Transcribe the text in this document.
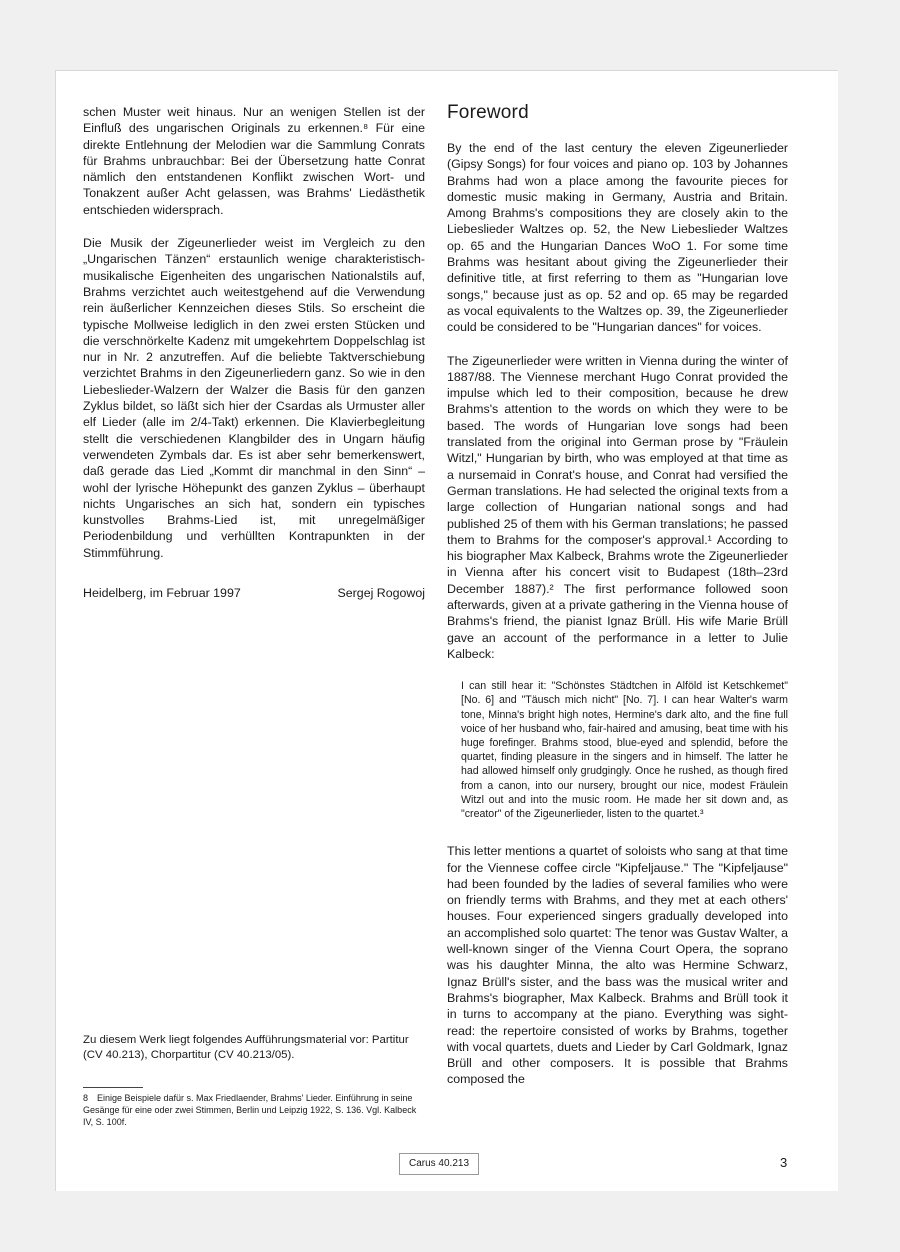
schen Muster weit hinaus. Nur an wenigen Stellen ist der Einfluß des ungarischen Originals zu erkennen.⁸ Für eine direkte Entlehnung der Melodien war die Sammlung Conrats für Brahms unbrauchbar: Bei der Übersetzung hatte Conrat nämlich den entstandenen Konflikt zwischen Wort- und Tonakzent außer Acht gelassen, was Brahms' Liedästhetik entschieden widersprach.

Die Musik der Zigeunerlieder weist im Vergleich zu den „Ungarischen Tänzen“ erstaunlich wenige charakteristisch-musikalische Eigenheiten des ungarischen Nationalstils auf, Brahms verzichtet auch weitestgehend auf die Verwendung rein äußerlicher Kennzeichen dieses Stils. So erscheint die typische Mollweise lediglich in den zwei ersten Stücken und die verschnörkelte Kadenz mit umgekehrtem Doppelschlag ist nur in Nr. 2 anzutreffen. Auf die beliebte Taktverschiebung verzichtet Brahms in den Zigeunerliedern ganz. So wie in den Liebeslieder-Walzern der Walzer die Basis für den ganzen Zyklus bildet, so läßt sich hier der Csardas als Urmuster aller elf Lieder (alle im 2/4-Takt) erkennen. Die Klavierbegleitung stellt die verschiedenen Klangbilder des in Ungarn häufig verwendeten Zymbals dar. Es ist aber sehr bemerkenswert, daß gerade das Lied „Kommt dir manchmal in den Sinn“ – wohl der lyrische Höhepunkt des ganzen Zyklus – überhaupt nichts Ungarisches an sich hat, sondern ein typisches kunstvolles Brahms-Lied ist, mit unregelmäßiger Periodenbildung und verhüllten Kontrapunkten in der Stimmführung.

Heidelberg, im Februar 1997	Sergej Rogowoj
Zu diesem Werk liegt folgendes Aufführungsmaterial vor: Partitur (CV 40.213), Chorpartitur (CV 40.213/05).
8 Einige Beispiele dafür s. Max Friedlaender, Brahms' Lieder. Einführung in seine Gesänge für eine oder zwei Stimmen, Berlin und Leipzig 1922, S. 136. Vgl. Kalbeck IV, S. 100f.
Foreword

By the end of the last century the eleven Zigeunerlieder (Gipsy Songs) for four voices and piano op. 103 by Johannes Brahms had won a place among the favourite pieces for domestic music making in Germany, Austria and Britain. Among Brahms's compositions they are closely akin to the Liebeslieder Waltzes op. 52, the New Liebeslieder Waltzes op. 65 and the Hungarian Dances WoO 1. For some time Brahms was hesitant about giving the Zigeunerlieder their definitive title, at first referring to them as "Hungarian love songs," because just as op. 52 and op. 65 may be regarded as vocal equivalents to the Waltzes op. 39, the Zigeunerlieder could be considered to be "Hungarian dances" for voices.

The Zigeunerlieder were written in Vienna during the winter of 1887/88. The Viennese merchant Hugo Conrat provided the impulse which led to their composition, because he drew Brahms's attention to the words on which they were to be based. The words of Hungarian love songs had been translated from the original into German prose by "Fräulein Witzl," Hungarian by birth, who was employed at that time as a nursemaid in Conrat's house, and Conrat had versified the German translations. He had selected the original texts from a large collection of Hungarian national songs and had published 25 of them with his German translations; he passed them to Brahms for the composer's approval.¹ According to his biographer Max Kalbeck, Brahms wrote the Zigeunerlieder in Vienna after his concert visit to Budapest (18th–23rd December 1887).² The first performance followed soon afterwards, given at a private gathering in the Vienna house of Brahms's friend, the pianist Ignaz Brüll. His wife Marie Brüll gave an account of the performance in a letter to Julie Kalbeck:

I can still hear it: "Schönstes Städtchen in Alföld ist Ketschkemet" [No. 6] and "Täusch mich nicht" [No. 7]. I can hear Walter's warm tone, Minna's bright high notes, Hermine's dark alto, and the fine full voice of her husband who, fair-haired and amusing, beat time with his huge forefinger. Brahms stood, blue-eyed and splendid, before the quartet, finding pleasure in the singers and in himself. The latter he had allowed himself only grudgingly. Once he rushed, as though fired from a canon, into our nursery, brought our nice, modest Fräulein Witzl out and into the music room. He made her sit down and, as "creator" of the Zigeunerlieder, listen to the quartet.³

This letter mentions a quartet of soloists who sang at that time for the Viennese coffee circle "Kipfeljause." The "Kipfeljause" had been founded by the ladies of several families who were on friendly terms with Brahms, and they met at each others' houses. Four experienced singers gradually developed into an accomplished solo quartet: The tenor was Gustav Walter, a well-known singer of the Vienna Court Opera, the soprano was his daughter Minna, the alto was Hermine Schwarz, Ignaz Brüll's sister, and the bass was the musical writer and Brahms's biographer, Max Kalbeck. Brahms and Brüll took it in turns to accompany at the piano. Everything was sight-read: the repertoire consisted of works by Brahms, together with vocal quartets, duets and Lieder by Carl Goldmark, Ignaz Brüll and other composers. It is possible that Brahms composed the

Carus 40.213	3
